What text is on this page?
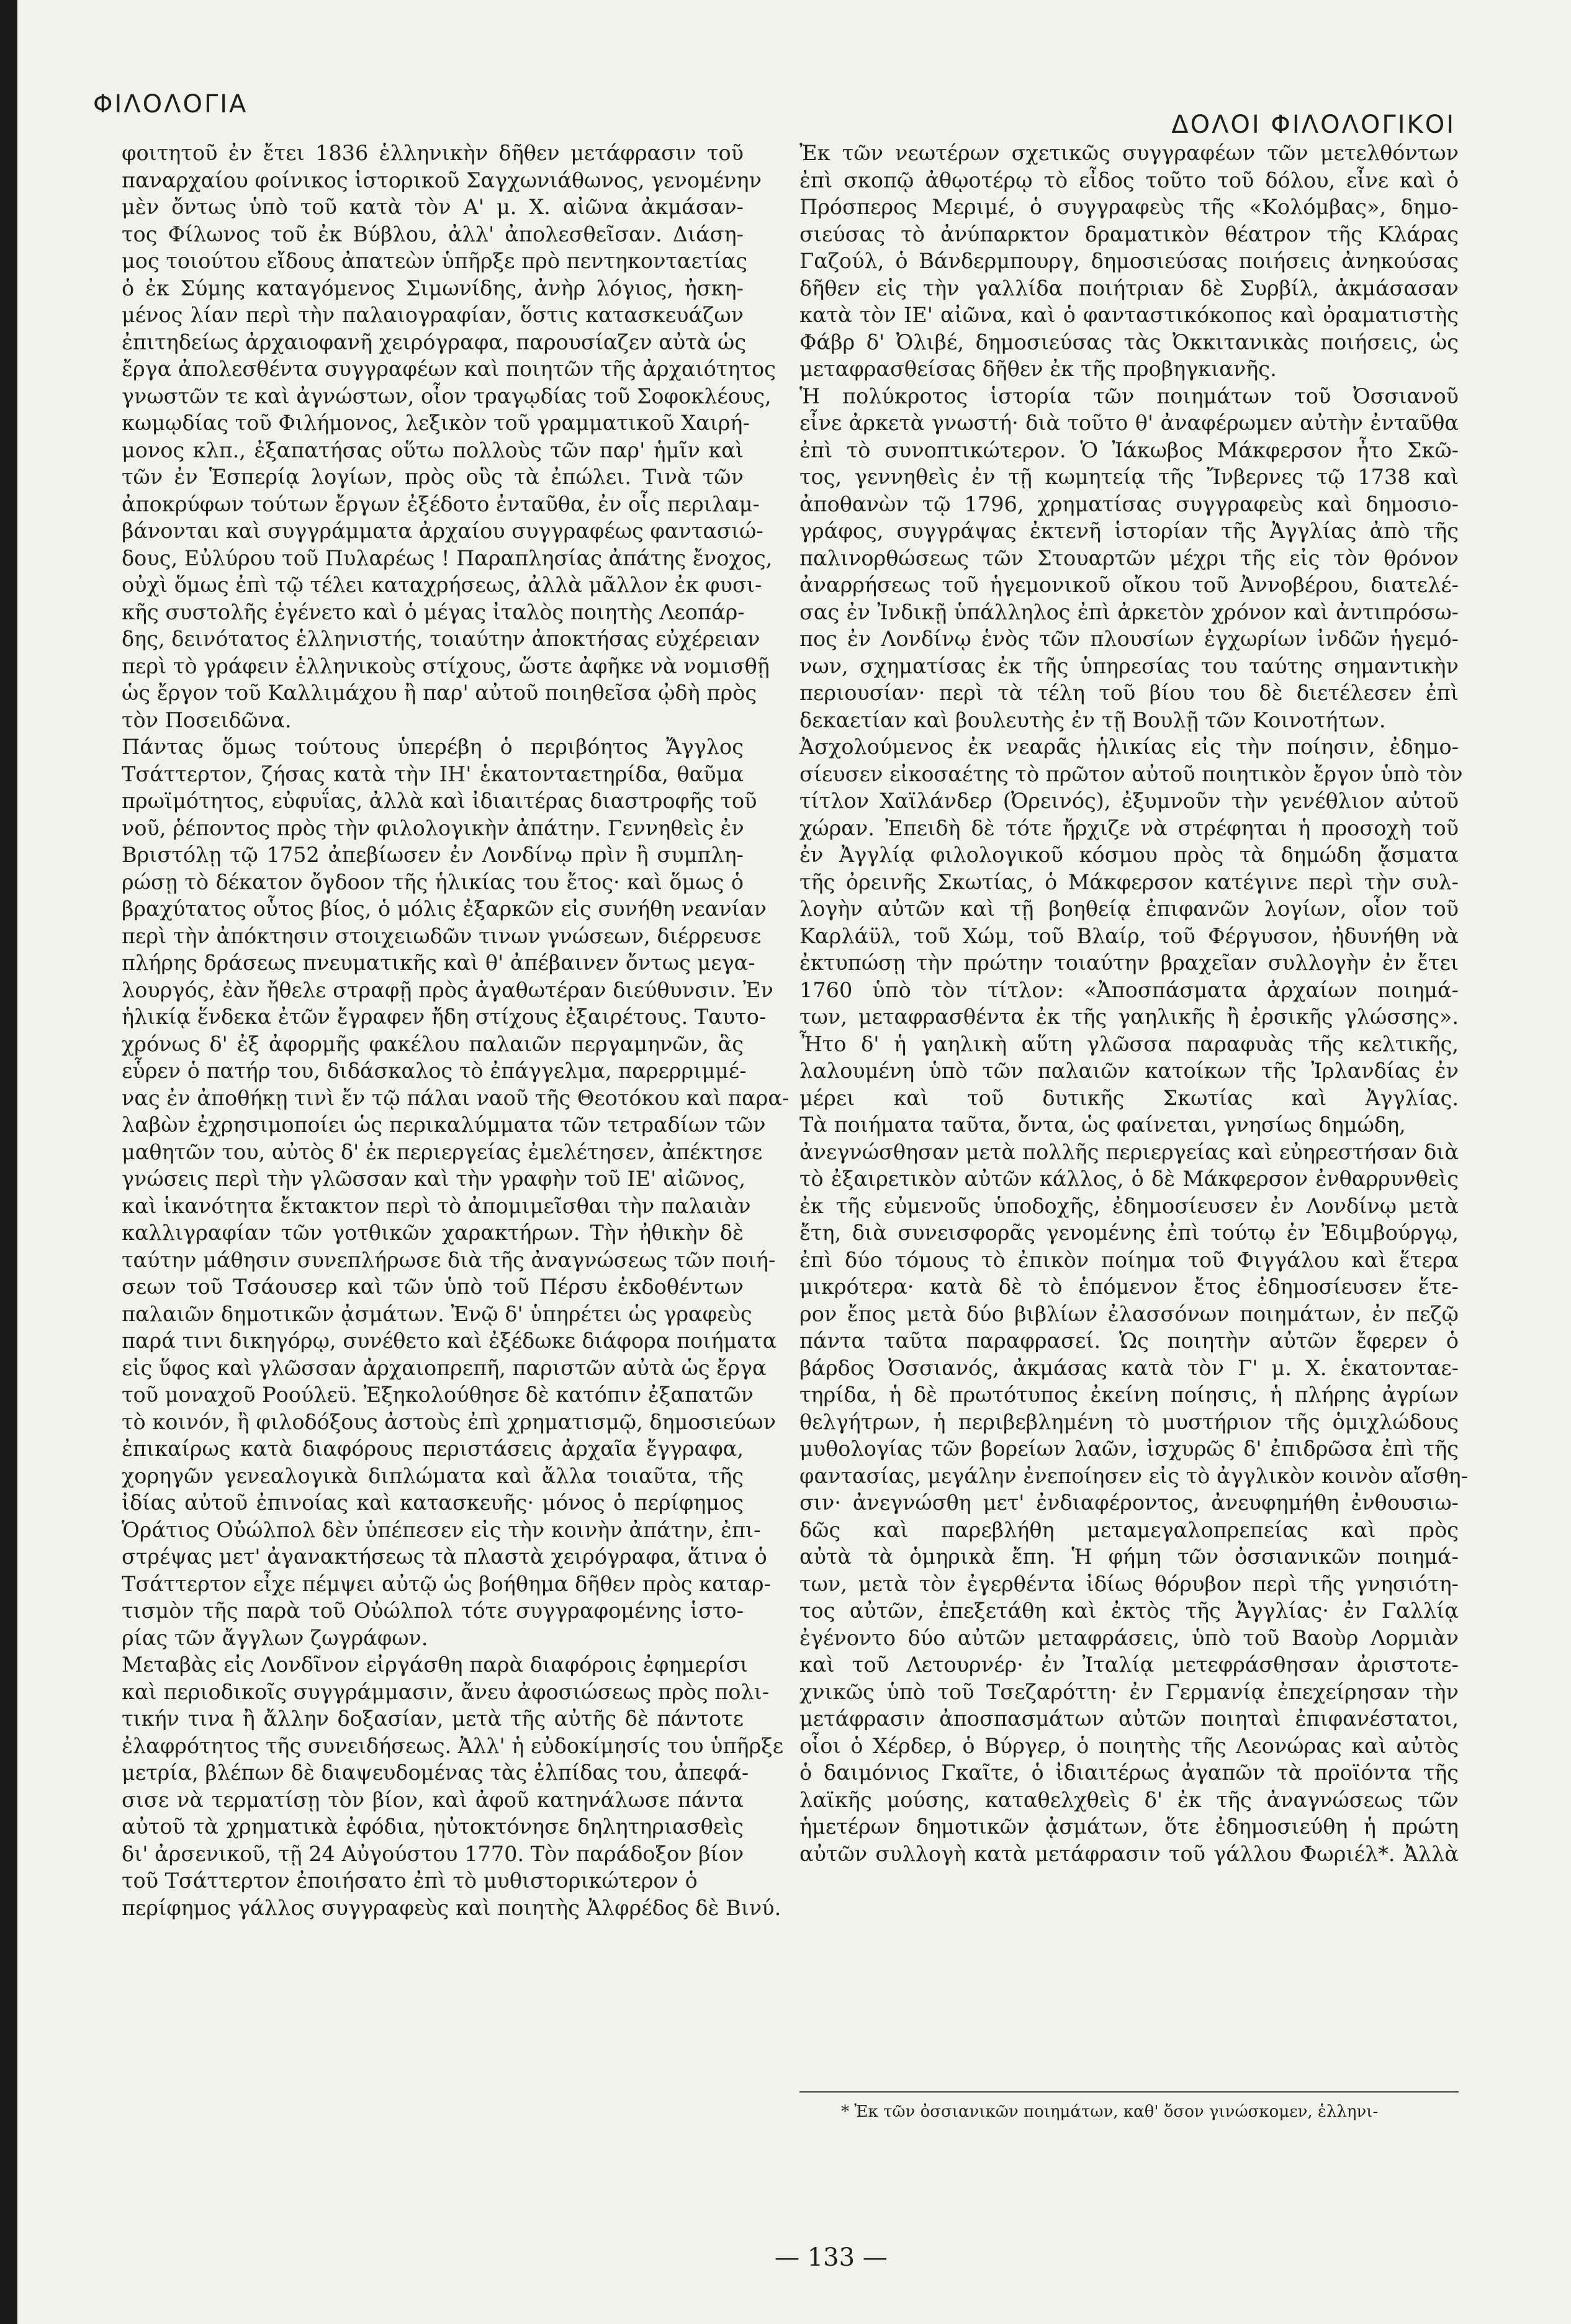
ΦΙΛΟΛΟΓΙΑ
ΔΟΛΟΙ ΦΙΛΟΛΟΓΙΚΟΙ
φοιτητοῦ ἐν ἔτει 1836 ἑλληνικὴν δῆθεν μετάφρασιν τοῦ
παναρχαίου φοίνικος ἱστορικοῦ Σαγχωνιάθωνος, γενομένην
μὲν ὄντως ὑπὸ τοῦ κατὰ τὸν Α' μ. Χ. αἰῶνα ἀκμάσαν-
τος Φίλωνος τοῦ ἐκ Βύβλου, ἀλλ' ἀπολεσθεῖσαν. Διάση-
μος τοιούτου εἴδους ἀπατεὼν ὑπῆρξε πρὸ πεντηκονταετίας
ὁ ἐκ Σύμης καταγόμενος Σιμωνίδης, ἀνὴρ λόγιος, ἠσκη-
μένος λίαν περὶ τὴν παλαιογραφίαν, ὅστις κατασκευάζων
ἐπιτηδείως ἀρχαιοφανῆ χειρόγραφα, παρουσίαζεν αὐτὰ ὡς
ἔργα ἀπολεσθέντα συγγραφέων καὶ ποιητῶν τῆς ἀρχαιότητος
γνωστῶν τε καὶ ἀγνώστων, οἷον τραγῳδίας τοῦ Σοφοκλέους,
κωμῳδίας τοῦ Φιλήμονος, λεξικὸν τοῦ γραμματικοῦ Χαιρή-
μονος κλπ., ἐξαπατήσας οὕτω πολλοὺς τῶν παρ' ἡμῖν καὶ
τῶν ἐν Ἑσπερίᾳ λογίων, πρὸς οὓς τὰ ἐπώλει. Τινὰ τῶν
ἀποκρύφων τούτων ἔργων ἐξέδοτο ἐνταῦθα, ἐν οἷς περιλαμ-
βάνονται καὶ συγγράμματα ἀρχαίου συγγραφέως φαντασιώ-
δους, Εὐλύρου τοῦ Πυλαρέως ! Παραπλησίας ἀπάτης ἔνοχος,
οὐχὶ ὅμως ἐπὶ τῷ τέλει καταχρήσεως, ἀλλὰ μᾶλλον ἐκ φυσι-
κῆς συστολῆς ἐγένετο καὶ ὁ μέγας ἰταλὸς ποιητὴς Λεοπάρ-
δης, δεινότατος ἑλληνιστής, τοιαύτην ἀποκτήσας εὐχέρειαν
περὶ τὸ γράφειν ἑλληνικοὺς στίχους, ὥστε ἀφῆκε νὰ νομισθῇ
ὡς ἔργον τοῦ Καλλιμάχου ἢ παρ' αὐτοῦ ποιηθεῖσα ᾠδὴ πρὸς
τὸν Ποσειδῶνα.
Πάντας ὅμως τούτους ὑπερέβη ὁ περιβόητος Ἄγγλος
Τσάττερτον, ζήσας κατὰ τὴν ΙΗ' ἑκατονταετηρίδα, θαῦμα
πρωϊμότητος, εὐφυΐας, ἀλλὰ καὶ ἰδιαιτέρας διαστροφῆς τοῦ
νοῦ, ῥέποντος πρὸς τὴν φιλολογικὴν ἀπάτην. Γεννηθεὶς ἐν
Βριστόλῃ τῷ 1752 ἀπεβίωσεν ἐν Λονδίνῳ πρὶν ἢ συμπλη-
ρώσῃ τὸ δέκατον ὄγδοον τῆς ἡλικίας του ἔτος· καὶ ὅμως ὁ
βραχύτατος οὗτος βίος, ὁ μόλις ἐξαρκῶν εἰς συνήθη νεανίαν
περὶ τὴν ἀπόκτησιν στοιχειωδῶν τινων γνώσεων, διέρρευσε
πλήρης δράσεως πνευματικῆς καὶ θ' ἀπέβαινεν ὄντως μεγα-
λουργός, ἐὰν ἤθελε στραφῇ πρὸς ἀγαθωτέραν διεύθυνσιν. Ἐν
ἡλικίᾳ ἕνδεκα ἐτῶν ἔγραφεν ἤδη στίχους ἐξαιρέτους. Ταυτο-
χρόνως δ' ἐξ ἀφορμῆς φακέλου παλαιῶν περγαμηνῶν, ἃς
εὗρεν ὁ πατήρ του, διδάσκαλος τὸ ἐπάγγελμα, παρερριμμέ-
νας ἐν ἀποθήκῃ τινὶ ἔν τῷ πάλαι ναοῦ τῆς Θεοτόκου καὶ παρα-
λαβὼν ἐχρησιμοποίει ὡς περικαλύμματα τῶν τετραδίων τῶν
μαθητῶν του, αὐτὸς δ' ἐκ περιεργείας ἐμελέτησεν, ἀπέκτησε
γνώσεις περὶ τὴν γλῶσσαν καὶ τὴν γραφὴν τοῦ ΙΕ' αἰῶνος,
καὶ ἱκανότητα ἔκτακτον περὶ τὸ ἀπομιμεῖσθαι τὴν παλαιὰν
καλλιγραφίαν τῶν γοτθικῶν χαρακτήρων. Τὴν ἠθικὴν δὲ
ταύτην μάθησιν συνεπλήρωσε διὰ τῆς ἀναγνώσεως τῶν ποιή-
σεων τοῦ Τσάουσερ καὶ τῶν ὑπὸ τοῦ Πέρσυ ἐκδοθέντων
παλαιῶν δημοτικῶν ᾀσμάτων. Ἐνῷ δ' ὑπηρέτει ὡς γραφεὺς
παρά τινι δικηγόρῳ, συνέθετο καὶ ἐξέδωκε διάφορα ποιήματα
εἰς ὕφος καὶ γλῶσσαν ἀρχαιοπρεπῆ, παριστῶν αὐτὰ ὡς ἔργα
τοῦ μοναχοῦ Ροούλεϋ. Ἐξηκολούθησε δὲ κατόπιν ἐξαπατῶν
τὸ κοινόν, ἢ φιλοδόξους ἀστοὺς ἐπὶ χρηματισμῷ, δημοσιεύων
ἐπικαίρως κατὰ διαφόρους περιστάσεις ἀρχαῖα ἔγγραφα,
χορηγῶν γενεαλογικὰ διπλώματα καὶ ἄλλα τοιαῦτα, τῆς
ἰδίας αὐτοῦ ἐπινοίας καὶ κατασκευῆς· μόνος ὁ περίφημος
Ὁράτιος Οὐώλπολ δὲν ὑπέπεσεν εἰς τὴν κοινὴν ἀπάτην, ἐπι-
στρέψας μετ' ἀγανακτήσεως τὰ πλαστὰ χειρόγραφα, ἅτινα ὁ
Τσάττερτον εἶχε πέμψει αὐτῷ ὡς βοήθημα δῆθεν πρὸς καταρ-
τισμὸν τῆς παρὰ τοῦ Οὐώλπολ τότε συγγραφομένης ἱστο-
ρίας τῶν ἄγγλων ζωγράφων.
Μεταβὰς εἰς Λονδῖνον εἰργάσθη παρὰ διαφόροις ἐφημερίσι
καὶ περιοδικοῖς συγγράμμασιν, ἄνευ ἀφοσιώσεως πρὸς πολι-
τικήν τινα ἢ ἄλλην δοξασίαν, μετὰ τῆς αὐτῆς δὲ πάντοτε
ἐλαφρότητος τῆς συνειδήσεως. Ἀλλ' ἡ εὐδοκίμησίς του ὑπῆρξε
μετρία, βλέπων δὲ διαψευδομένας τὰς ἐλπίδας του, ἀπεφά-
σισε νὰ τερματίσῃ τὸν βίον, καὶ ἀφοῦ κατηνάλωσε πάντα
αὐτοῦ τὰ χρηματικὰ ἐφόδια, ηὐτοκτόνησε δηλητηριασθεὶς
δι' ἀρσενικοῦ, τῇ 24 Αὐγούστου 1770. Τὸν παράδοξον βίον
τοῦ Τσάττερτον ἐποιήσατο ἐπὶ τὸ μυθιστορικώτερον ὁ
περίφημος γάλλος συγγραφεὺς καὶ ποιητὴς Ἀλφρέδος δὲ Βινύ.
Ἐκ τῶν νεωτέρων σχετικῶς συγγραφέων τῶν μετελθόντων
ἐπὶ σκοπῷ ἀθῳοτέρῳ τὸ εἶδος τοῦτο τοῦ δόλου, εἶνε καὶ ὁ
Πρόσπερος Μεριμέ, ὁ συγγραφεὺς τῆς «Κολόμβας», δημο-
σιεύσας τὸ ἀνύπαρκτον δραματικὸν θέατρον τῆς Κλάρας
Γαζούλ, ὁ Βάνδερμπουργ, δημοσιεύσας ποιήσεις ἀνηκούσας
δῆθεν εἰς τὴν γαλλίδα ποιήτριαν δὲ Συρβίλ, ἀκμάσασαν
κατὰ τὸν ΙΕ' αἰῶνα, καὶ ὁ φανταστικόκοπος καὶ ὀραματιστὴς
Φάβρ δ' Ὀλιβέ, δημοσιεύσας τὰς Ὀκκιτανικὰς ποιήσεις, ὡς
μεταφρασθείσας δῆθεν ἐκ τῆς προβηγκιανῆς.
Ἡ πολύκροτος ἱστορία τῶν ποιημάτων τοῦ Ὀσσιανοῦ
εἶνε ἀρκετὰ γνωστή· διὰ τοῦτο θ' ἀναφέρωμεν αὐτὴν ἐνταῦθα
ἐπὶ τὸ συνοπτικώτερον. Ὁ Ἰάκωβος Μάκφερσον ἦτο Σκῶ-
τος, γεννηθεὶς ἐν τῇ κωμητείᾳ τῆς Ἴνβερνες τῷ 1738 καὶ
ἀποθανὼν τῷ 1796, χρηματίσας συγγραφεὺς καὶ δημοσιο-
γράφος, συγγράψας ἐκτενῆ ἱστορίαν τῆς Ἀγγλίας ἀπὸ τῆς
παλινορθώσεως τῶν Στουαρτῶν μέχρι τῆς εἰς τὸν θρόνον
ἀναρρήσεως τοῦ ἡγεμονικοῦ οἴκου τοῦ Ἀννοβέρου, διατελέ-
σας ἐν Ἰνδικῇ ὑπάλληλος ἐπὶ ἀρκετὸν χρόνον καὶ ἀντιπρόσω-
πος ἐν Λονδίνῳ ἑνὸς τῶν πλουσίων ἐγχωρίων ἰνδῶν ἡγεμό-
νων, σχηματίσας ἐκ τῆς ὑπηρεσίας του ταύτης σημαντικὴν
περιουσίαν· περὶ τὰ τέλη τοῦ βίου του δὲ διετέλεσεν ἐπὶ
δεκαετίαν καὶ βουλευτὴς ἐν τῇ Βουλῇ τῶν Κοινοτήτων.
Ἀσχολούμενος ἐκ νεαρᾶς ἡλικίας εἰς τὴν ποίησιν, ἐδημο-
σίευσεν εἰκοσαέτης τὸ πρῶτον αὐτοῦ ποιητικὸν ἔργον ὑπὸ τὸν
τίτλον Χαϊλάνδερ (Ὀρεινός), ἐξυμνοῦν τὴν γενέθλιον αὐτοῦ
χώραν. Ἐπειδὴ δὲ τότε ἤρχιζε νὰ στρέφηται ἡ προσοχὴ τοῦ
ἐν Ἀγγλίᾳ φιλολογικοῦ κόσμου πρὸς τὰ δημώδη ᾄσματα
τῆς ὀρεινῆς Σκωτίας, ὁ Μάκφερσον κατέγινε περὶ τὴν συλ-
λογὴν αὐτῶν καὶ τῇ βοηθείᾳ ἐπιφανῶν λογίων, οἷον τοῦ
Καρλάϋλ, τοῦ Χώμ, τοῦ Βλαίρ, τοῦ Φέργυσον, ἠδυνήθη νὰ
ἐκτυπώσῃ τὴν πρώτην τοιαύτην βραχεῖαν συλλογὴν ἐν ἔτει
1760 ὑπὸ τὸν τίτλον: «Ἀποσπάσματα ἀρχαίων ποιημά-
των, μεταφρασθέντα ἐκ τῆς γαηλικῆς ἢ ἐρσικῆς γλώσσης».
Ἦτο δ' ἡ γαηλικὴ αὕτη γλῶσσα παραφυὰς τῆς κελτικῆς,
λαλουμένη ὑπὸ τῶν παλαιῶν κατοίκων τῆς Ἰρλανδίας ἐν
μέρει καὶ τοῦ δυτικῆς Σκωτίας καὶ Ἀγγλίας.
Τὰ ποιήματα ταῦτα, ὄντα, ὡς φαίνεται, γνησίως δημώδη,
ἀνεγνώσθησαν μετὰ πολλῆς περιεργείας καὶ εὐηρεστήσαν διὰ
τὸ ἐξαιρετικὸν αὐτῶν κάλλος, ὁ δὲ Μάκφερσον ἐνθαρρυνθεὶς
ἐκ τῆς εὐμενοῦς ὑποδοχῆς, ἐδημοσίευσεν ἐν Λονδίνῳ μετὰ
ἔτη, διὰ συνεισφορᾶς γενομένης ἐπὶ τούτῳ ἐν Ἐδιμβούργῳ,
ἐπὶ δύο τόμους τὸ ἐπικὸν ποίημα τοῦ Φιγγάλου καὶ ἕτερα
μικρότερα· κατὰ δὲ τὸ ἑπόμενον ἔτος ἐδημοσίευσεν ἕτε-
ρον ἔπος μετὰ δύο βιβλίων ἐλασσόνων ποιημάτων, ἐν πεζῷ
πάντα ταῦτα παραφρασεί. Ὡς ποιητὴν αὐτῶν ἔφερεν ὁ
βάρδος Ὀσσιανός, ἀκμάσας κατὰ τὸν Γ' μ. Χ. ἑκατονταε-
τηρίδα, ἡ δὲ πρωτότυπος ἐκείνη ποίησις, ἡ πλήρης ἀγρίων
θελγήτρων, ἡ περιβεβλημένη τὸ μυστήριον τῆς ὁμιχλώδους
μυθολογίας τῶν βορείων λαῶν, ἰσχυρῶς δ' ἐπιδρῶσα ἐπὶ τῆς
φαντασίας, μεγάλην ἐνεποίησεν εἰς τὸ ἀγγλικὸν κοινὸν αἴσθη-
σιν· ἀνεγνώσθη μετ' ἐνδιαφέροντος, ἀνευφημήθη ἐνθουσιω-
δῶς καὶ παρεβλήθη μεταμεγαλοπρεπείας καὶ πρὸς
αὐτὰ τὰ ὁμηρικὰ ἔπη. Ἡ φήμη τῶν ὀσσιανικῶν ποιημά-
των, μετὰ τὸν ἐγερθέντα ἰδίως θόρυβον περὶ τῆς γνησιότη-
τος αὐτῶν, ἐπεξετάθη καὶ ἐκτὸς τῆς Ἀγγλίας· ἐν Γαλλίᾳ
ἐγένοντο δύο αὐτῶν μεταφράσεις, ὑπὸ τοῦ Βαοὺρ Λορμιὰν
καὶ τοῦ Λετουρνέρ· ἐν Ἰταλίᾳ μετεφράσθησαν ἀριστοτε-
χνικῶς ὑπὸ τοῦ Τσεζαρόττη· ἐν Γερμανίᾳ ἐπεχείρησαν τὴν
μετάφρασιν ἀποσπασμάτων αὐτῶν ποιηταὶ ἐπιφανέστατοι,
οἷοι ὁ Χέρδερ, ὁ Βύργερ, ὁ ποιητὴς τῆς Λεονώρας καὶ αὐτὸς
ὁ δαιμόνιος Γκαῖτε, ὁ ἰδιαιτέρως ἀγαπῶν τὰ προϊόντα τῆς
λαϊκῆς μούσης, καταθελχθεὶς δ' ἐκ τῆς ἀναγνώσεως τῶν
ἡμετέρων δημοτικῶν ᾀσμάτων, ὅτε ἐδημοσιεύθη ἡ πρώτη
αὐτῶν συλλογὴ κατὰ μετάφρασιν τοῦ γάλλου Φωριέλ*. Ἀλλὰ
* Ἐκ τῶν ὀσσιανικῶν ποιημάτων, καθ' ὅσον γινώσκομεν, ἑλληνι-
— 133 —
